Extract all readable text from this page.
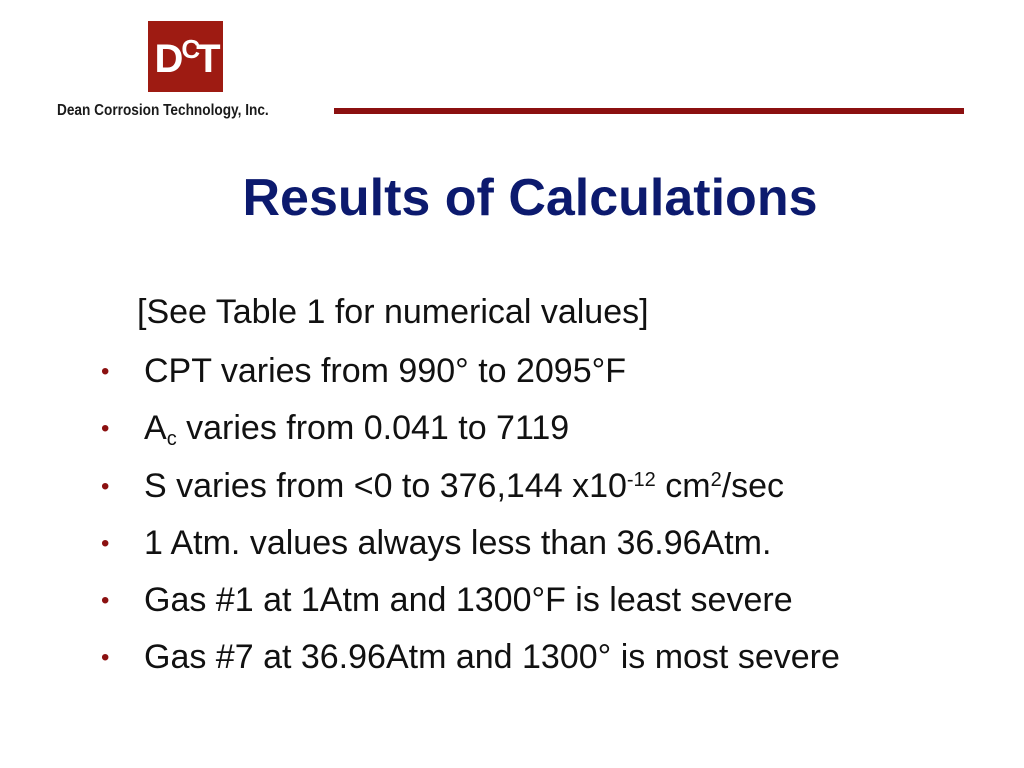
D C T
Dean Corrosion Technology, Inc.
Results of Calculations
[See Table 1 for numerical values]
•	CPT varies from 990° to 2095°F
•	$A_c$ varies from 0.041 to 7119
•	S varies from <0 to 376,144 $x10^{-12}$ $cm^2/\sec$
•	1 Atm. values always less than 36.96Atm.
•	Gas #1 at 1Atm and 1300°F is least severe
•	Gas #7 at 36.96Atm and 1300° is most severe
